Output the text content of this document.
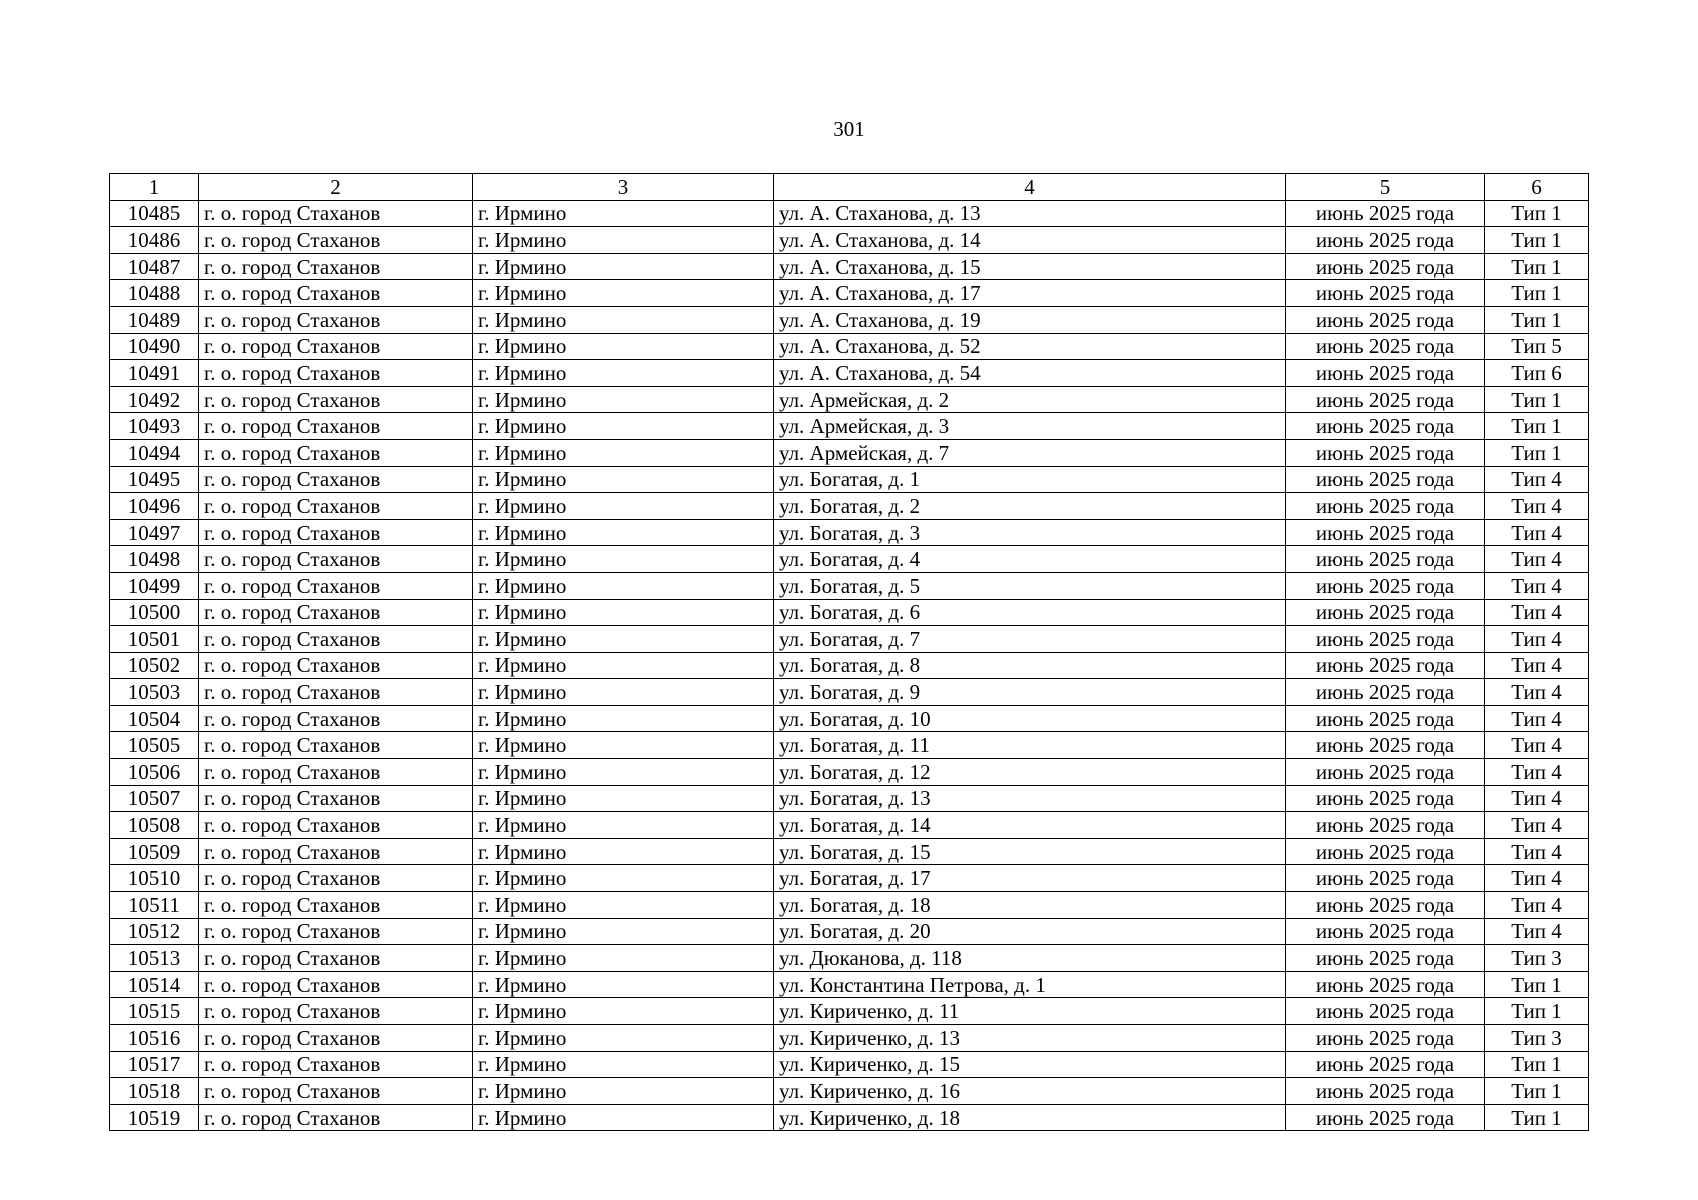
301
1	2	3	4	5	6
10485	г. о. город Стаханов	г. Ирмино	ул. А. Стаханова, д. 13	июнь 2025 года	Тип 1
10486	г. о. город Стаханов	г. Ирмино	ул. А. Стаханова, д. 14	июнь 2025 года	Тип 1
10487	г. о. город Стаханов	г. Ирмино	ул. А. Стаханова, д. 15	июнь 2025 года	Тип 1
10488	г. о. город Стаханов	г. Ирмино	ул. А. Стаханова, д. 17	июнь 2025 года	Тип 1
10489	г. о. город Стаханов	г. Ирмино	ул. А. Стаханова, д. 19	июнь 2025 года	Тип 1
10490	г. о. город Стаханов	г. Ирмино	ул. А. Стаханова, д. 52	июнь 2025 года	Тип 5
10491	г. о. город Стаханов	г. Ирмино	ул. А. Стаханова, д. 54	июнь 2025 года	Тип 6
10492	г. о. город Стаханов	г. Ирмино	ул. Армейская, д. 2	июнь 2025 года	Тип 1
10493	г. о. город Стаханов	г. Ирмино	ул. Армейская, д. 3	июнь 2025 года	Тип 1
10494	г. о. город Стаханов	г. Ирмино	ул. Армейская, д. 7	июнь 2025 года	Тип 1
10495	г. о. город Стаханов	г. Ирмино	ул. Богатая, д. 1	июнь 2025 года	Тип 4
10496	г. о. город Стаханов	г. Ирмино	ул. Богатая, д. 2	июнь 2025 года	Тип 4
10497	г. о. город Стаханов	г. Ирмино	ул. Богатая, д. 3	июнь 2025 года	Тип 4
10498	г. о. город Стаханов	г. Ирмино	ул. Богатая, д. 4	июнь 2025 года	Тип 4
10499	г. о. город Стаханов	г. Ирмино	ул. Богатая, д. 5	июнь 2025 года	Тип 4
10500	г. о. город Стаханов	г. Ирмино	ул. Богатая, д. 6	июнь 2025 года	Тип 4
10501	г. о. город Стаханов	г. Ирмино	ул. Богатая, д. 7	июнь 2025 года	Тип 4
10502	г. о. город Стаханов	г. Ирмино	ул. Богатая, д. 8	июнь 2025 года	Тип 4
10503	г. о. город Стаханов	г. Ирмино	ул. Богатая, д. 9	июнь 2025 года	Тип 4
10504	г. о. город Стаханов	г. Ирмино	ул. Богатая, д. 10	июнь 2025 года	Тип 4
10505	г. о. город Стаханов	г. Ирмино	ул. Богатая, д. 11	июнь 2025 года	Тип 4
10506	г. о. город Стаханов	г. Ирмино	ул. Богатая, д. 12	июнь 2025 года	Тип 4
10507	г. о. город Стаханов	г. Ирмино	ул. Богатая, д. 13	июнь 2025 года	Тип 4
10508	г. о. город Стаханов	г. Ирмино	ул. Богатая, д. 14	июнь 2025 года	Тип 4
10509	г. о. город Стаханов	г. Ирмино	ул. Богатая, д. 15	июнь 2025 года	Тип 4
10510	г. о. город Стаханов	г. Ирмино	ул. Богатая, д. 17	июнь 2025 года	Тип 4
10511	г. о. город Стаханов	г. Ирмино	ул. Богатая, д. 18	июнь 2025 года	Тип 4
10512	г. о. город Стаханов	г. Ирмино	ул. Богатая, д. 20	июнь 2025 года	Тип 4
10513	г. о. город Стаханов	г. Ирмино	ул. Дюканова, д. 118	июнь 2025 года	Тип 3
10514	г. о. город Стаханов	г. Ирмино	ул. Константина Петрова, д. 1	июнь 2025 года	Тип 1
10515	г. о. город Стаханов	г. Ирмино	ул. Кириченко, д. 11	июнь 2025 года	Тип 1
10516	г. о. город Стаханов	г. Ирмино	ул. Кириченко, д. 13	июнь 2025 года	Тип 3
10517	г. о. город Стаханов	г. Ирмино	ул. Кириченко, д. 15	июнь 2025 года	Тип 1
10518	г. о. город Стаханов	г. Ирмино	ул. Кириченко, д. 16	июнь 2025 года	Тип 1
10519	г. о. город Стаханов	г. Ирмино	ул. Кириченко, д. 18	июнь 2025 года	Тип 1
